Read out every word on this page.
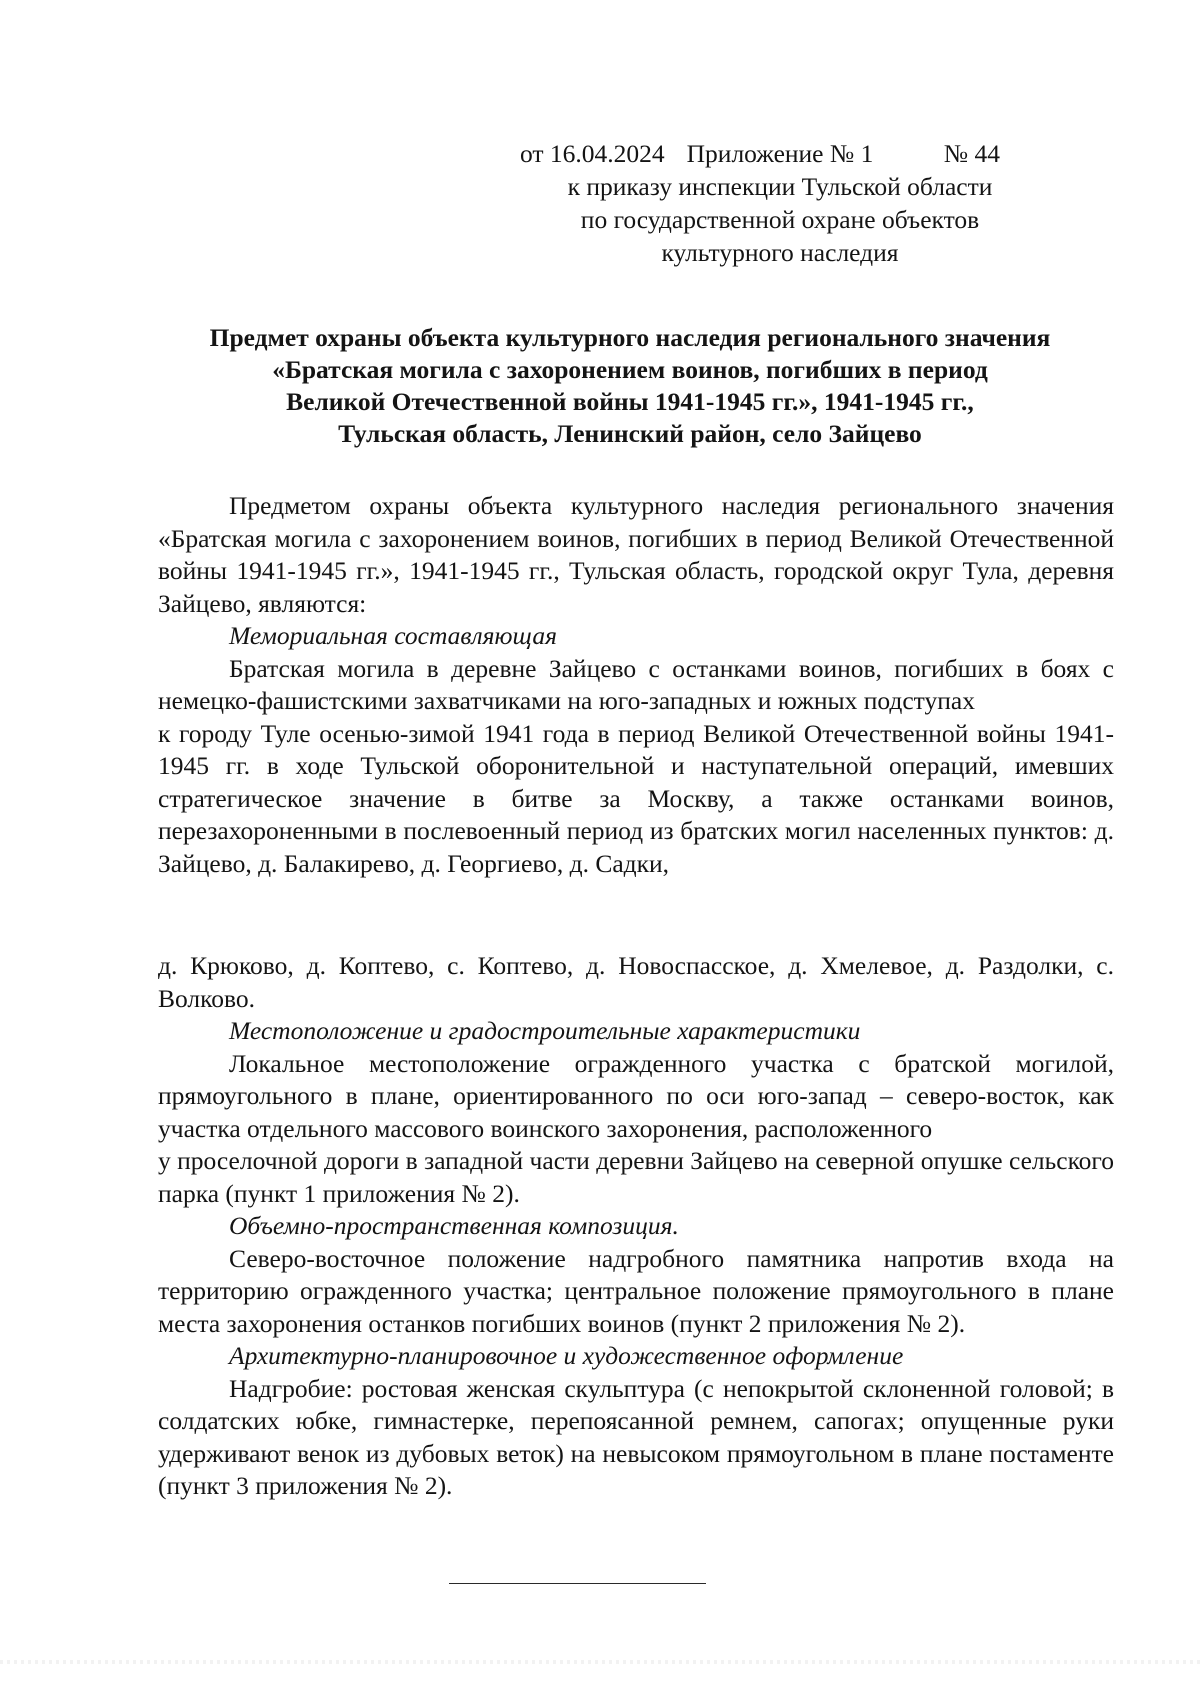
Приложение № 1
к приказу инспекции Тульской области
по государственной охране объектов
культурного наследия
от 16.04.2024	№ 44
Предмет охраны объекта культурного наследия регионального значения
«Братская могила с захоронением воинов, погибших в период
Великой Отечественной войны 1941-1945 гг.», 1941-1945 гг.,
Тульская область, Ленинский район, село Зайцево

Предметом охраны объекта культурного наследия регионального значения «Братская могила с захоронением воинов, погибших в период Великой Отечественной войны 1941-1945 гг.», 1941-1945 гг., Тульская область, городской округ Тула, деревня Зайцево, являются:

Мемориальная составляющая

Братская могила в деревне Зайцево с останками воинов, погибших в боях с немецко-фашистскими захватчиками на юго-западных и южных подступах

к городу Туле осенью-зимой 1941 года в период Великой Отечественной войны 1941-1945 гг. в ходе Тульской оборонительной и наступательной операций, имевших стратегическое значение в битве за Москву, а также останками воинов, перезахороненными в послевоенный период из братских могил населенных пунктов: д. Зайцево, д. Балакирево, д. Георгиево, д. Садки,

д. Крюково, д. Коптево, с. Коптево, д. Новоспасское, д. Хмелевое, д. Раздолки, с. Волково.

Местоположение и градостроительные характеристики

Локальное местоположение огражденного участка с братской могилой, прямоугольного в плане, ориентированного по оси юго-запад – северо-восток, как участка отдельного массового воинского захоронения, расположенного

у проселочной дороги в западной части деревни Зайцево на северной опушке сельского парка (пункт 1 приложения № 2).

Объемно-пространственная композиция.

Северо-восточное положение надгробного памятника напротив входа на территорию огражденного участка; центральное положение прямоугольного в плане места захоронения останков погибших воинов (пункт 2 приложения № 2).

Архитектурно-планировочное и художественное оформление

Надгробие: ростовая женская скульптура (с непокрытой склоненной головой; в солдатских юбке, гимнастерке, перепоясанной ремнем, сапогах; опущенные руки удерживают венок из дубовых веток) на невысоком прямоугольном в плане постаменте (пункт 3 приложения № 2).
